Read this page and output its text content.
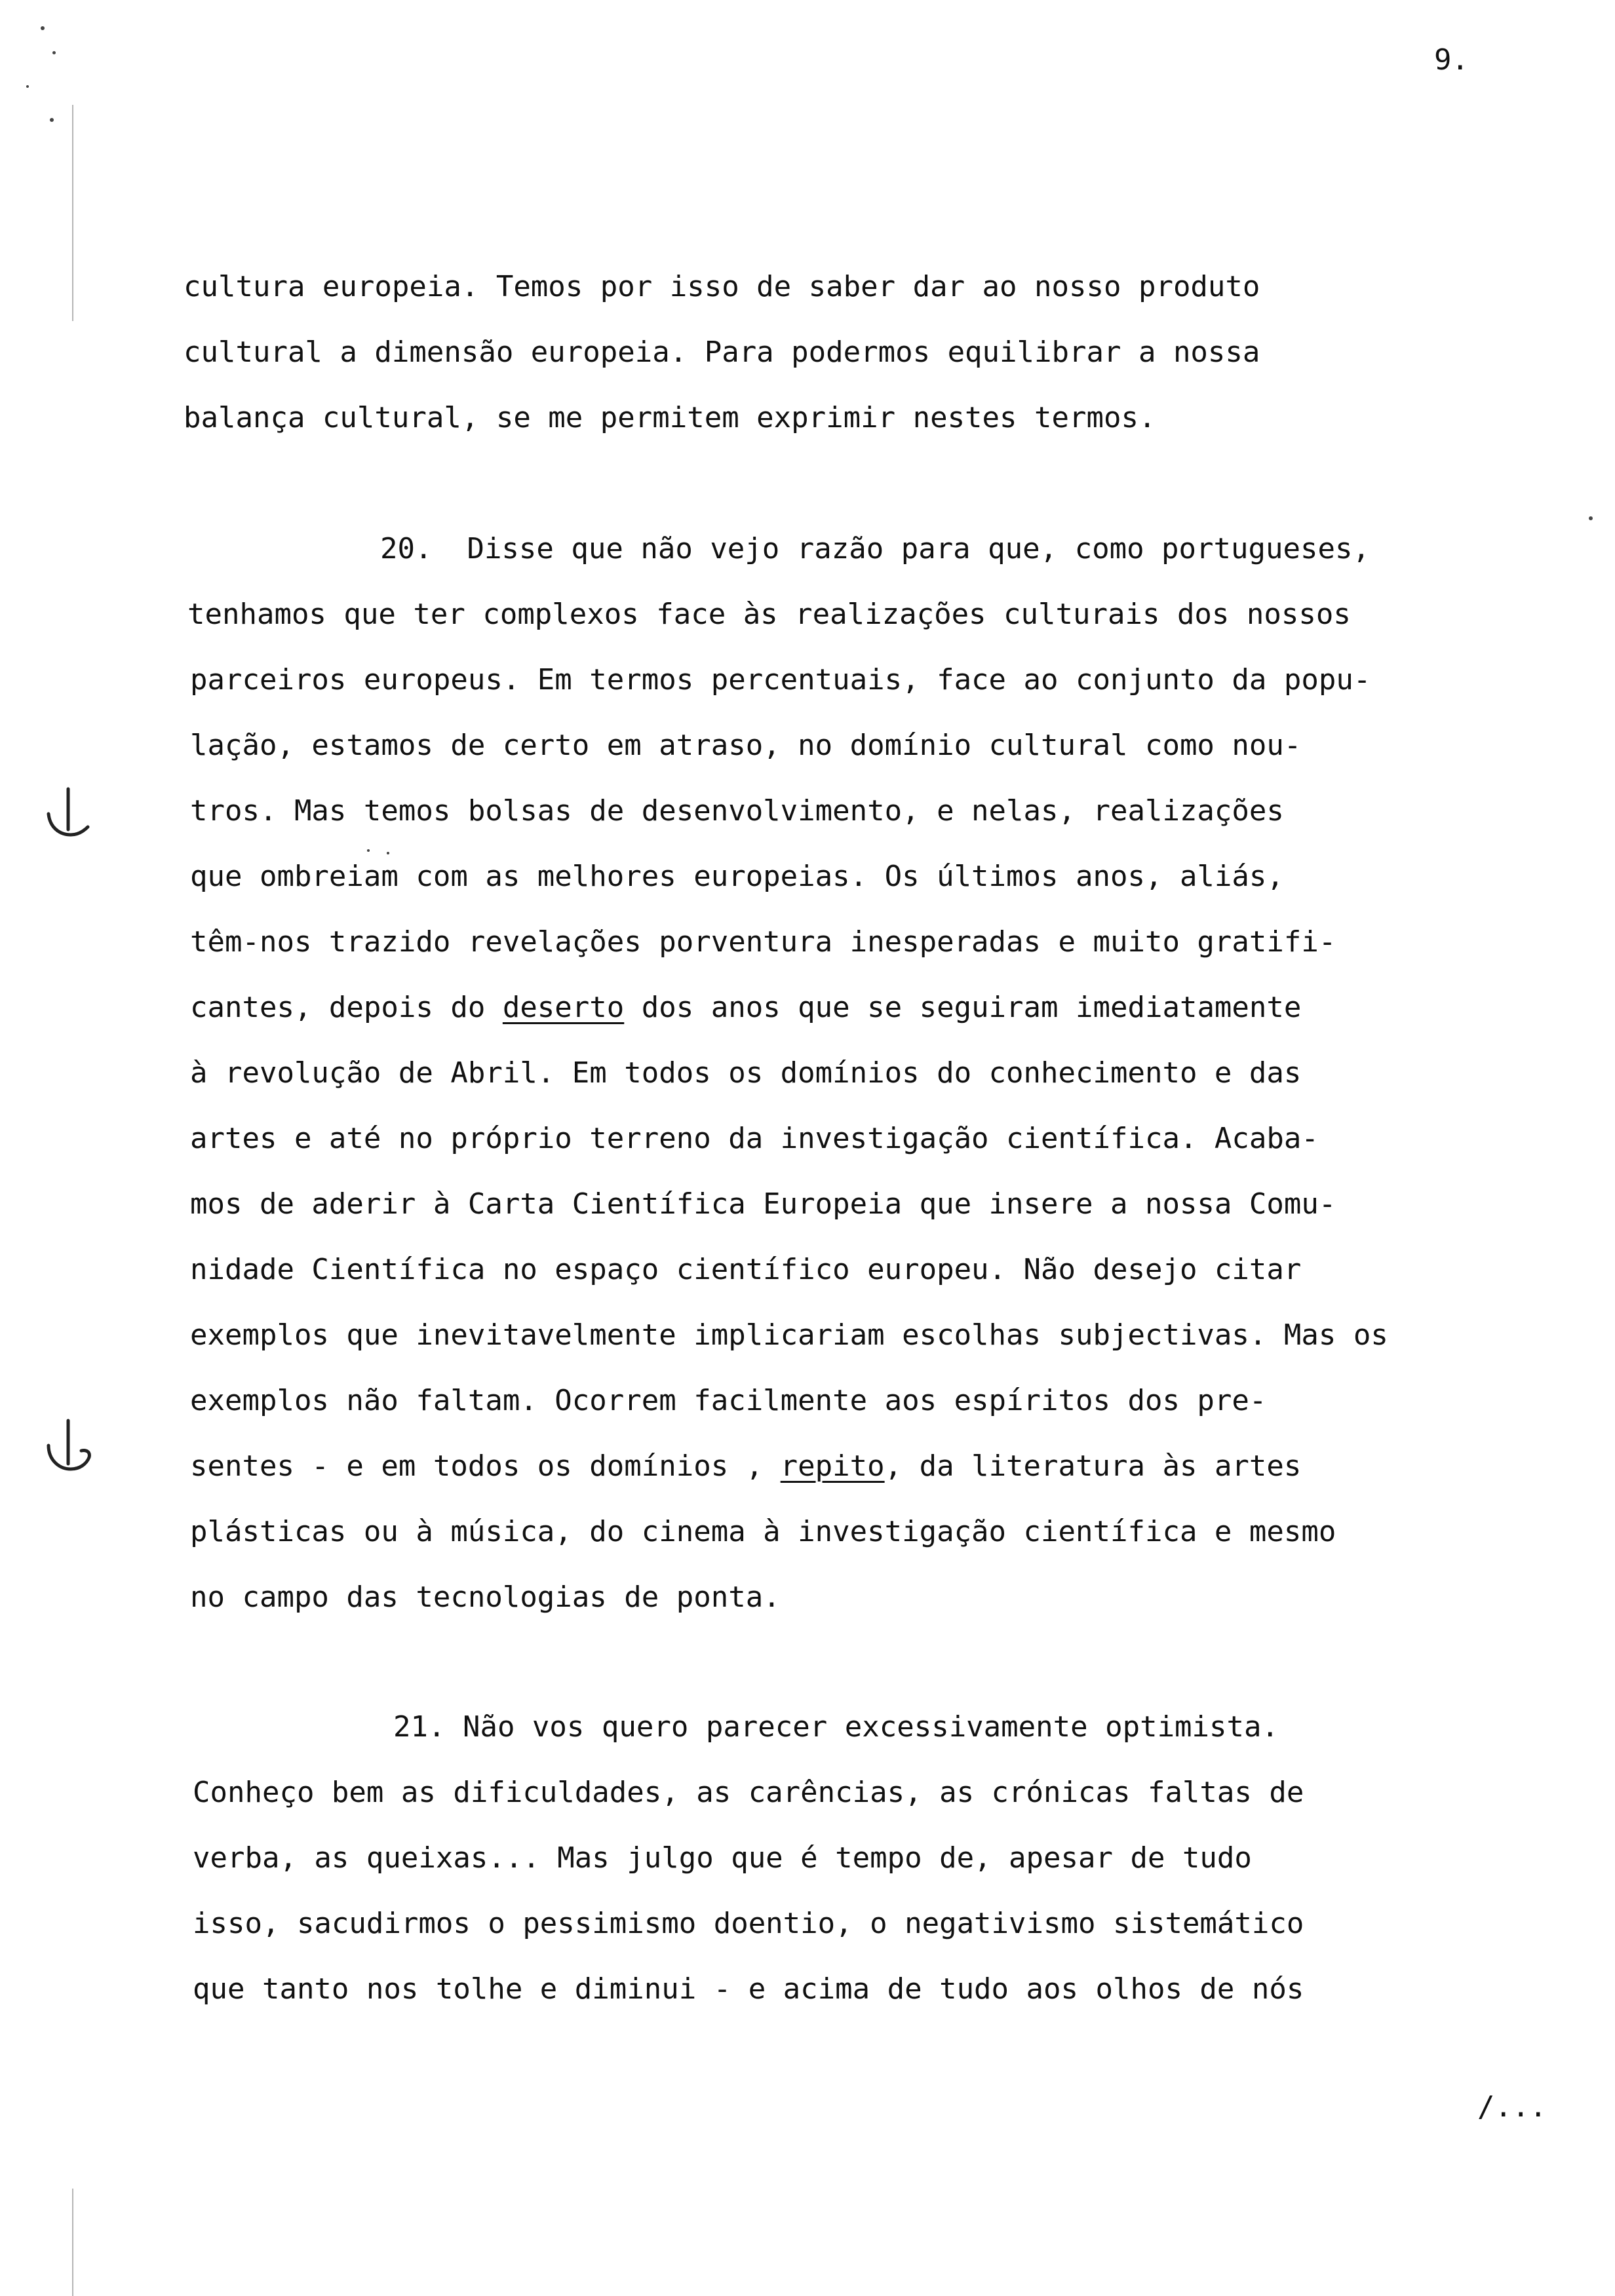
9.
cultura europeia. Temos por isso de saber dar ao nosso produto
cultural a dimensão europeia. Para podermos equilibrar a nossa
balança cultural, se me permitem exprimir nestes termos.
20.  Disse que não vejo razão para que, como portugueses,
tenhamos que ter complexos face às realizações culturais dos nossos
parceiros europeus. Em termos percentuais, face ao conjunto da popu-
lação, estamos de certo em atraso, no domínio cultural como nou-
tros. Mas temos bolsas de desenvolvimento, e nelas, realizações
que ombreiam com as melhores europeias. Os últimos anos, aliás,
têm-nos trazido revelações porventura inesperadas e muito gratifi-
cantes, depois do deserto dos anos que se seguiram imediatamente
à revolução de Abril. Em todos os domínios do conhecimento e das
artes e até no próprio terreno da investigação científica. Acaba-
mos de aderir à Carta Científica Europeia que insere a nossa Comu-
nidade Científica no espaço científico europeu. Não desejo citar
exemplos que inevitavelmente implicariam escolhas subjectivas. Mas os
exemplos não faltam. Ocorrem facilmente aos espíritos dos pre-
sentes - e em todos os domínios , repito, da literatura às artes
plásticas ou à música, do cinema à investigação científica e mesmo
no campo das tecnologias de ponta.
21. Não vos quero parecer excessivamente optimista.
Conheço bem as dificuldades, as carências, as crónicas faltas de
verba, as queixas... Mas julgo que é tempo de, apesar de tudo
isso, sacudirmos o pessimismo doentio, o negativismo sistemático
que tanto nos tolhe e diminui - e acima de tudo aos olhos de nós
/...
